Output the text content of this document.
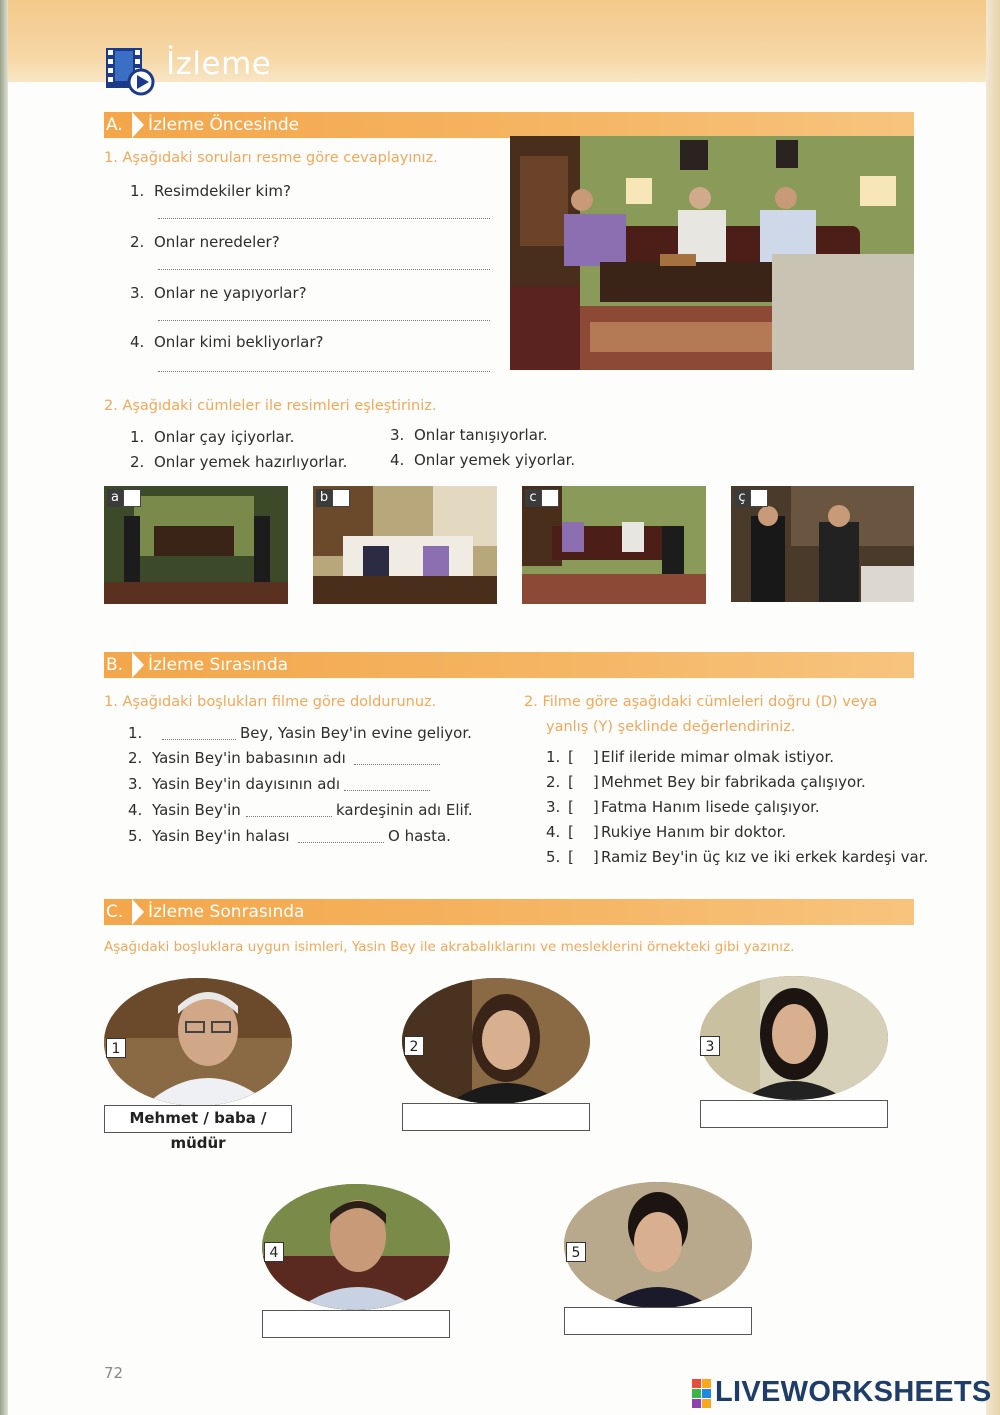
İzleme
A. İzleme Öncesinde
1. Aşağıdaki soruları resme göre cevaplayınız.
1. Resimdekiler kim?
2. Onlar neredeler?
3. Onlar ne yapıyorlar?
4. Onlar kimi bekliyorlar?
2. Aşağıdaki cümleler ile resimleri eşleştiriniz.
1. Onlar çay içiyorlar.
2. Onlar yemek hazırlıyorlar.
3. Onlar tanışıyorlar.
4. Onlar yemek yiyorlar.
a	b	c	ç
B. İzleme Sırasında
1. Aşağıdaki boşlukları filme göre doldurunuz.
1.	Bey, Yasin Bey'in evine geliyor.
2. Yasin Bey'in babasının adı
3. Yasin Bey'in dayısının adı
4. Yasin Bey'in	kardeşinin adı Elif.
5. Yasin Bey'in halası	O hasta.
2. Filme göre aşağıdaki cümleleri doğru (D) veya
yanlış (Y) şeklinde değerlendiriniz.
1. [    ] Elif ileride mimar olmak istiyor.
2. [    ] Mehmet Bey bir fabrikada çalışıyor.
3. [    ] Fatma Hanım lisede çalışıyor.
4. [    ] Rukiye Hanım bir doktor.
5. [    ] Ramiz Bey'in üç kız ve iki erkek kardeşi var.
C. İzleme Sonrasında
Aşağıdaki boşluklara uygun isimleri, Yasin Bey ile akrabalıklarını ve mesleklerini örnekteki gibi yazınız.
1
Mehmet / baba / müdür
2	3
4	5
72
LIVEWORKSHEETS
